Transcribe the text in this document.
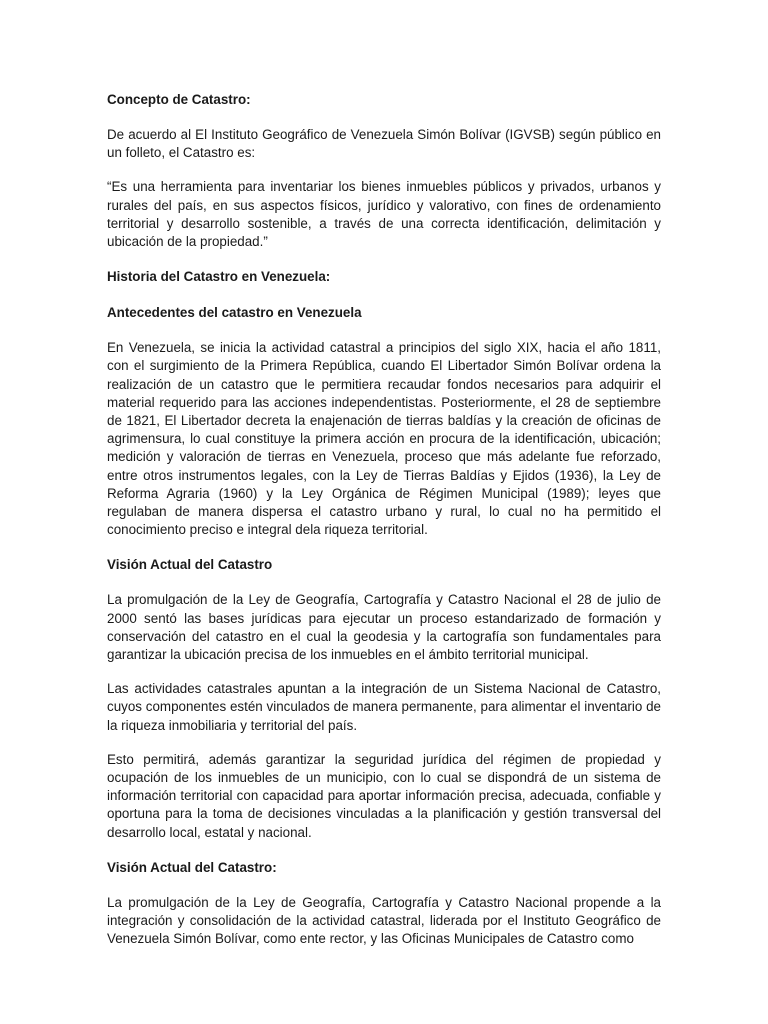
Concepto de Catastro:
De acuerdo al El Instituto Geográfico de Venezuela Simón Bolívar (IGVSB) según público en un folleto, el Catastro es:
“Es una herramienta para inventariar los bienes inmuebles públicos y privados, urbanos y rurales del país, en sus aspectos físicos, jurídico y valorativo, con fines de ordenamiento territorial y desarrollo sostenible, a través de una correcta identificación, delimitación y ubicación de la propiedad.”
Historia del Catastro en Venezuela:
Antecedentes del catastro en Venezuela
En Venezuela, se inicia la actividad catastral a principios del siglo XIX, hacia el año 1811, con el surgimiento de la Primera República, cuando El Libertador Simón Bolívar ordena la realización de un catastro que le permitiera recaudar fondos necesarios para adquirir el material requerido para las acciones independentistas. Posteriormente, el 28 de septiembre de 1821, El Libertador decreta la enajenación de tierras baldías y la creación de oficinas de agrimensura, lo cual constituye la primera acción en procura de la identificación, ubicación; medición y valoración de tierras en Venezuela, proceso que más adelante fue reforzado, entre otros instrumentos legales, con la Ley de Tierras Baldías y Ejidos (1936), la Ley de Reforma Agraria (1960) y la Ley Orgánica de Régimen Municipal (1989); leyes que regulaban de manera dispersa el catastro urbano y rural, lo cual no ha permitido el conocimiento preciso e integral dela riqueza territorial.
Visión Actual del Catastro
La promulgación de la Ley de Geografía, Cartografía y Catastro Nacional el 28 de julio de 2000 sentó las bases jurídicas para ejecutar un proceso estandarizado de formación y conservación del catastro en el cual la geodesia y la cartografía son fundamentales para garantizar la ubicación precisa de los inmuebles en el ámbito territorial municipal.
Las actividades catastrales apuntan a la integración de un Sistema Nacional de Catastro, cuyos componentes estén vinculados de manera permanente, para alimentar el inventario de la riqueza inmobiliaria y territorial del país.
Esto permitirá, además garantizar la seguridad jurídica del régimen de propiedad y ocupación de los inmuebles de un municipio, con lo cual se dispondrá de un sistema de información territorial con capacidad para aportar información precisa, adecuada, confiable y oportuna para la toma de decisiones vinculadas a la planificación y gestión transversal del desarrollo local, estatal y nacional.
Visión Actual del Catastro:
La promulgación de la Ley de Geografía, Cartografía y Catastro Nacional propende a la integración y consolidación de la actividad catastral, liderada por el Instituto Geográfico de Venezuela Simón Bolívar, como ente rector, y las Oficinas Municipales de Catastro como
